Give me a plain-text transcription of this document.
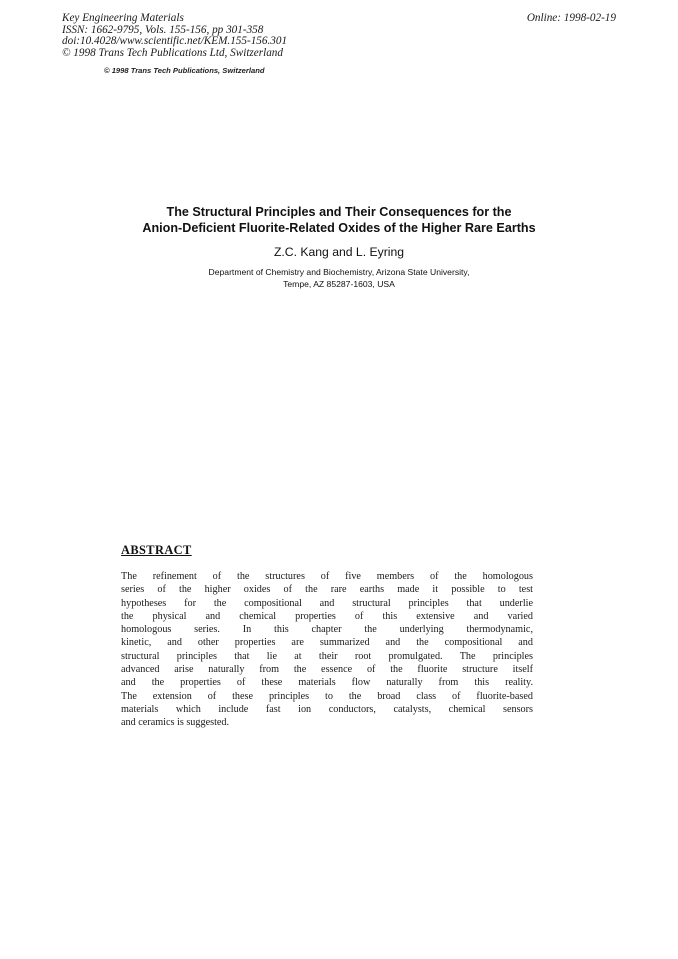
Key Engineering Materials
ISSN: 1662-9795, Vols. 155-156, pp 301-358
doi:10.4028/www.scientific.net/KEM.155-156.301
© 1998 Trans Tech Publications Ltd, Switzerland
Online: 1998-02-19
© 1998 Trans Tech Publications, Switzerland
The Structural Principles and Their Consequences for the
Anion-Deficient Fluorite-Related Oxides of the Higher Rare Earths
Z.C. Kang and L. Eyring
Department of Chemistry and Biochemistry, Arizona State University,
Tempe, AZ 85287-1603, USA
ABSTRACT
The refinement of the structures of five members of the homologous
series of the higher oxides of the rare earths made it possible to test
hypotheses for the compositional and structural principles that underlie
the physical and chemical properties of this extensive and varied
homologous series. In this chapter the underlying thermodynamic,
kinetic, and other properties are summarized and the compositional and
structural principles that lie at their root promulgated. The principles
advanced arise naturally from the essence of the fluorite structure itself
and the properties of these materials flow naturally from this reality.
The extension of these principles to the broad class of fluorite-based
materials which include fast ion conductors, catalysts, chemical sensors
and ceramics is suggested.
